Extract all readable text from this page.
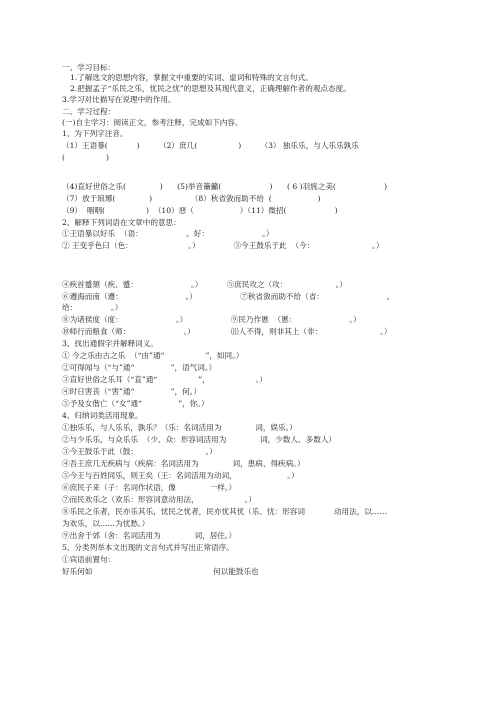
一、学习目标：
1.了解选文的思想内容，掌握文中重要的实词、虚词和特殊的文言句式。
2.把握孟子“乐民之乐，忧民之忧”的思想及其现代意义，正确理解作者的观点态度。
3.学习对比描写在说理中的作用。
二、学习过程：
(一)自主学习：阅读正文，参考注释，完成如下内容。
1、为下列字注音。
（1）王语暴(            )        （2）庶几(                 )        （3） 独乐乐，与人乐乐孰乐
(                 )
（4)直好世俗之乐(              )      (5)举音籥籲(                    )      ( 6 )羽旄之美(                    )
（7）放于琅琊(              )                （8）秋省敛而助不给  (                   )
（9）  咽咽(                 )  （10）惡（                   ）（11）微招(                    )
2、解释下列词语在文章中的意思：
①王语暴以好乐  （语：                  。好：                      。）
② 王变乎色曰（色：                       。）              ③今王鼓乐于此  （今：                        。）
④疾首蹙頞（疾、蹙：                      。）          ⑤庶民攻之（攻：                    。）
⑥遵海而南（遵：                          。）                  ⑦秋省敛而助不给（省：                          。
给：              。）
⑧为诸侯度（度：                      。）                  ⑨民乃作慝  （慝：                      。）
⑩师行而粮食（师：                      。）               ⑾人不得，则非其上（非：                        。）
3、找出通假字并解释词义。
① 今之乐由古之乐  （“由”通“                 ”，如同。）
②可得闻与（“与”通“               ”，语气词。）
③直好世俗之乐耳（“直”通“                 ”，                   。）
④时日害丧（“害”通“               ”，何。）
⑤予及女偕亡（“女”通“               ”，你。）
4、归纳词类活用现象。
①独乐乐，与人乐乐，孰乐？（乐：名词活用为              词，娱乐。）
②与少乐乐，与众乐乐  （少、众：形容词活用为              词，少数人、多数人）
③今王鼓乐于此（鼓：                            。）
④吾王庶几无疾病与（疾病：名词活用为              词，患病、得疾病。）
⑤今王与百姓同乐，则王矣（王：名词活用为动词，                     。）
⑥庶民子来（子：名词作状语，像              一样。）
⑦而民欢乐之（欢乐：形容词意动用法，                   。）
⑧乐民之乐者，民亦乐其乐，忧民之忧者，民亦忧其忧（乐、忧：形容词            动用法，以……
为欢乐，以……为忧愁。）
⑨出舍于郊（舍：名词活用为              词，居住。）
5、分类列举本文出现的文言句式并写出正常语序。
①宾语前置句：
好乐何如                                                  何以能鼓乐也
